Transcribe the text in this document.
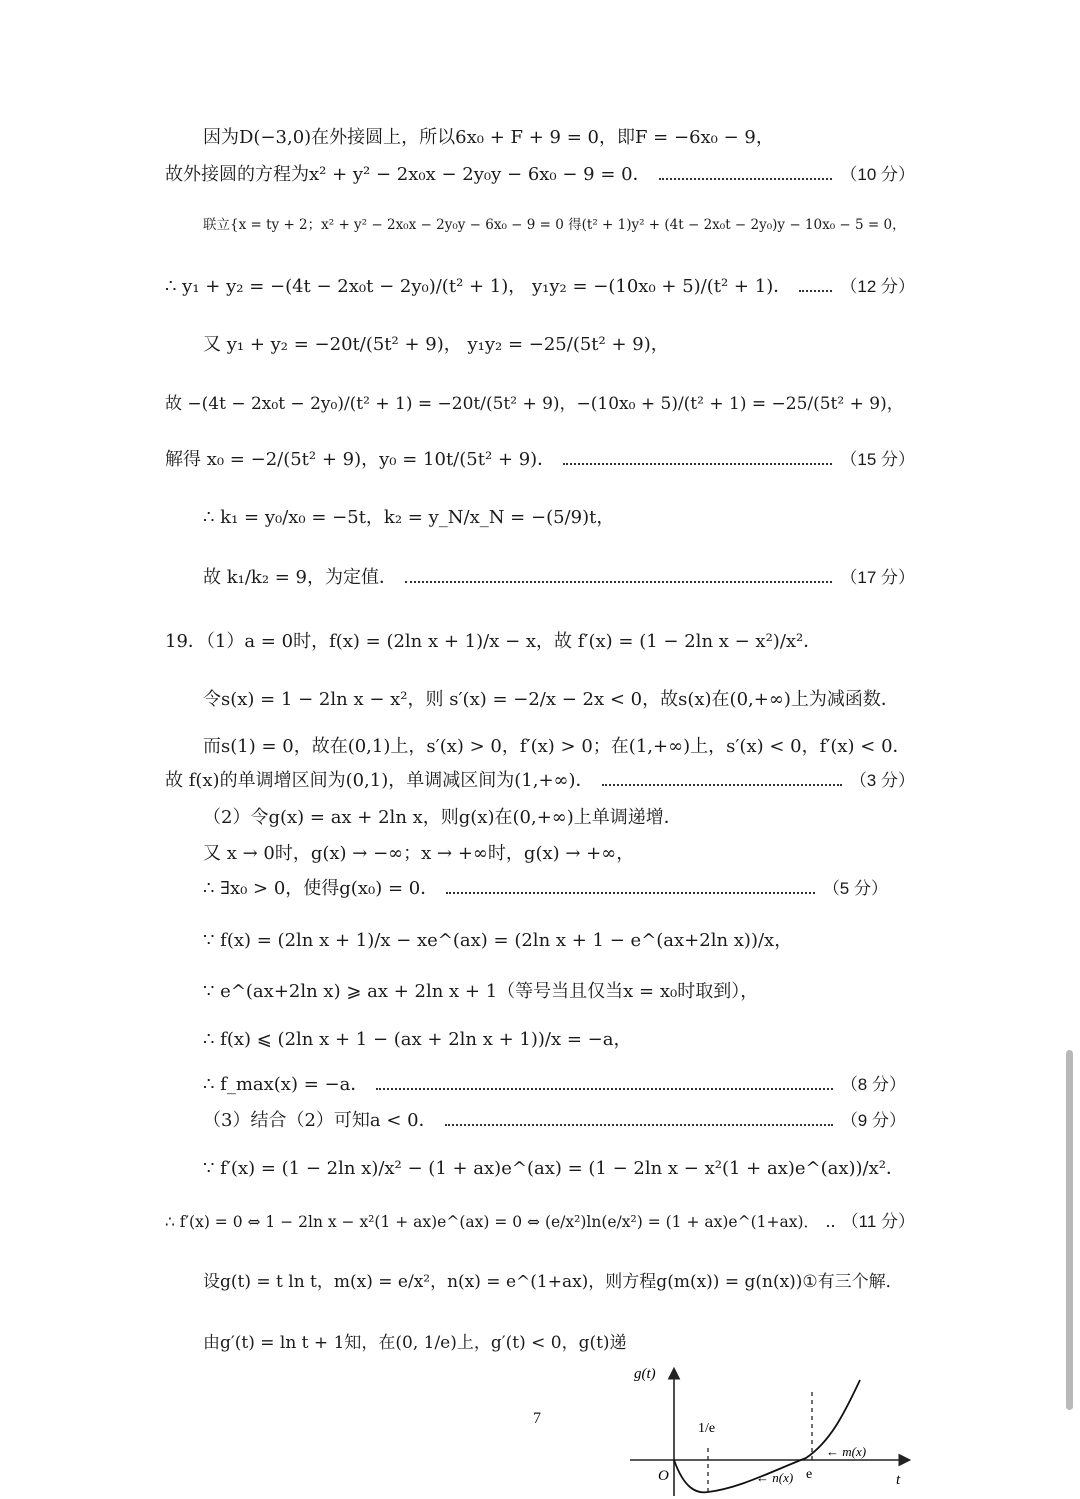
因为D(−3,0)在外接圆上，所以6x₀ + F + 9 = 0，即F = −6x₀ − 9，
故外接圆的方程为x² + y² − 2x₀x − 2y₀y − 6x₀ − 9 = 0．	（10 分）
联立{x = ty + 2；x² + y² − 2x₀x − 2y₀y − 6x₀ − 9 = 0 得(t² + 1)y² + (4t − 2x₀t − 2y₀)y − 10x₀ − 5 = 0，
∴ y₁ + y₂ = −(4t − 2x₀t − 2y₀)/(t² + 1)， y₁y₂ = −(10x₀ + 5)/(t² + 1)．	（12 分）
又 y₁ + y₂ = −20t/(5t² + 9)， y₁y₂ = −25/(5t² + 9)，
故 −(4t − 2x₀t − 2y₀)/(t² + 1) = −20t/(5t² + 9)，−(10x₀ + 5)/(t² + 1) = −25/(5t² + 9)，
解得 x₀ = −2/(5t² + 9)，y₀ = 10t/(5t² + 9)．	（15 分）
∴ k₁ = y₀/x₀ = −5t，k₂ = y_N/x_N = −(5/9)t，
故 k₁/k₂ = 9，为定值．	（17 分）
19．（1）a = 0时，f(x) = (2ln x + 1)/x − x，故 f′(x) = (1 − 2ln x − x²)/x²．
令s(x) = 1 − 2ln x − x²，则 s′(x) = −2/x − 2x < 0，故s(x)在(0,+∞)上为减函数．
而s(1) = 0，故在(0,1)上，s′(x) > 0，f′(x) > 0；在(1,+∞)上，s′(x) < 0，f′(x) < 0．
故 f(x)的单调增区间为(0,1)，单调减区间为(1,+∞)．	（3 分）
（2）令g(x) = ax + 2ln x，则g(x)在(0,+∞)上单调递增．
又 x → 0时，g(x) → −∞；x → +∞时，g(x) → +∞，
∴ ∃x₀ > 0，使得g(x₀) = 0．	（5 分）
∵ f(x) = (2ln x + 1)/x − xe^(ax) = (2ln x + 1 − e^(ax+2ln x))/x，
∵ e^(ax+2ln x) ⩾ ax + 2ln x + 1（等号当且仅当x = x₀时取到），
∴ f(x) ⩽ (2ln x + 1 − (ax + 2ln x + 1))/x = −a，
∴ f_max(x) = −a．	（8 分）
（3）结合（2）可知a < 0．	（9 分）
∵ f′(x) = (1 − 2ln x)/x² − (1 + ax)e^(ax) = (1 − 2ln x − x²(1 + ax)e^(ax))/x²．
∴ f′(x) = 0 ⇔ 1 − 2ln x − x²(1 + ax)e^(ax) = 0 ⇔ (e/x²)ln(e/x²) = (1 + ax)e^(1+ax)． （11 分）
设g(t) = t ln t，m(x) = e/x²，n(x) = e^(1+ax)，则方程g(m(x)) = g(n(x))①有三个解．
由g′(t) = ln t + 1知，在(0, 1/e)上，g′(t) < 0，g(t)递
7
g(t)
t
O
1/e
e
← n(x)
← m(x)
